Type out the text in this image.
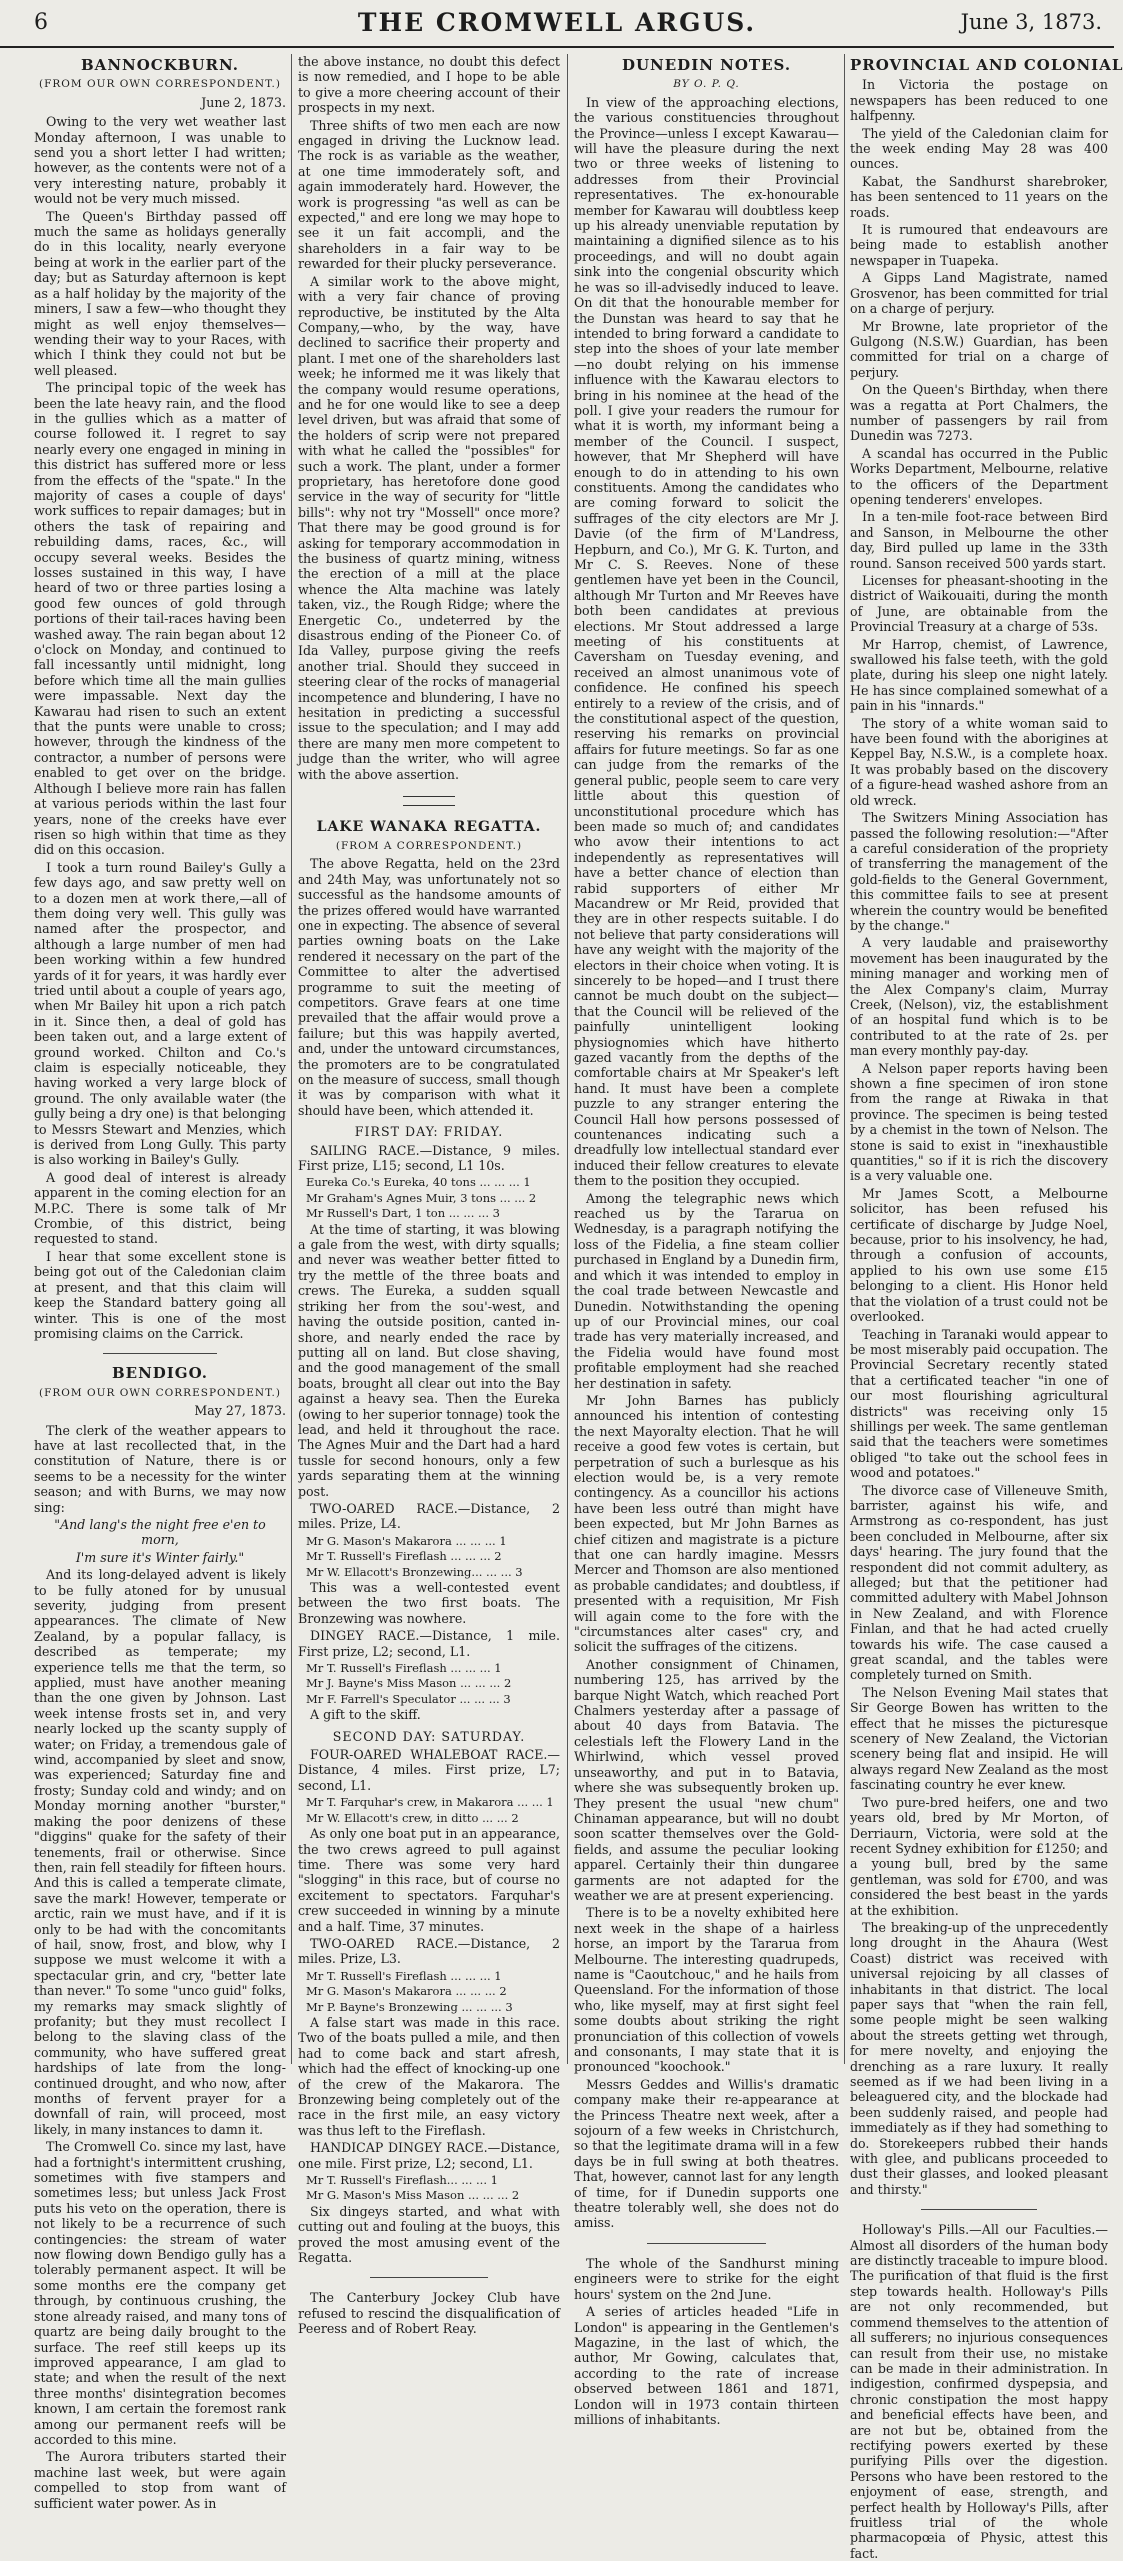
6	THE CROMWELL ARGUS.	June 3, 1873.
BANNOCKBURN.
(FROM OUR OWN CORRESPONDENT.)
June 2, 1873.

Owing to the very wet weather last Monday afternoon, I was unable to send you a short letter I had written; however, as the contents were not of a very interesting nature, probably it would not be very much missed.

The Queen's Birthday passed off much the same as holidays generally do in this locality, nearly everyone being at work in the earlier part of the day; but as Saturday afternoon is kept as a half holiday by the majority of the miners, I saw a few—who thought they might as well enjoy themselves—wending their way to your Races, with which I think they could not but be well pleased.

The principal topic of the week has been the late heavy rain, and the flood in the gullies which as a matter of course followed it. I regret to say nearly every one engaged in mining in this district has suffered more or less from the effects of the "spate." In the majority of cases a couple of days' work suffices to repair damages; but in others the task of repairing and rebuilding dams, races, &c., will occupy several weeks. Besides the losses sustained in this way, I have heard of two or three parties losing a good few ounces of gold through portions of their tail-races having been washed away. The rain began about 12 o'clock on Monday, and continued to fall incessantly until midnight, long before which time all the main gullies were impassable. Next day the Kawarau had risen to such an extent that the punts were unable to cross; however, through the kindness of the contractor, a number of persons were enabled to get over on the bridge. Although I believe more rain has fallen at various periods within the last four years, none of the creeks have ever risen so high within that time as they did on this occasion.

I took a turn round Bailey's Gully a few days ago, and saw pretty well on to a dozen men at work there,—all of them doing very well. This gully was named after the prospector, and although a large number of men had been working within a few hundred yards of it for years, it was hardly ever tried until about a couple of years ago, when Mr Bailey hit upon a rich patch in it. Since then, a deal of gold has been taken out, and a large extent of ground worked. Chilton and Co.'s claim is especially noticeable, they having worked a very large block of ground. The only available water (the gully being a dry one) is that belonging to Messrs Stewart and Menzies, which is derived from Long Gully. This party is also working in Bailey's Gully.

A good deal of interest is already apparent in the coming election for an M.P.C. There is some talk of Mr Crombie, of this district, being requested to stand.

I hear that some excellent stone is being got out of the Caledonian claim at present, and that this claim will keep the Standard battery going all winter. This is one of the most promising claims on the Carrick.

BENDIGO.
(FROM OUR OWN CORRESPONDENT.)
May 27, 1873.

The clerk of the weather appears to have at last recollected that, in the constitution of Nature, there is or seems to be a necessity for the winter season; and with Burns, we may now sing:

"And lang's the night free e'en to morn,

I'm sure it's Winter fairly."

And its long-delayed advent is likely to be fully atoned for by unusual severity, judging from present appearances. The climate of New Zealand, by a popular fallacy, is described as temperate; my experience tells me that the term, so applied, must have another meaning than the one given by Johnson. Last week intense frosts set in, and very nearly locked up the scanty supply of water; on Friday, a tremendous gale of wind, accompanied by sleet and snow, was experienced; Saturday fine and frosty; Sunday cold and windy; and on Monday morning another "burster," making the poor denizens of these "diggins" quake for the safety of their tenements, frail or otherwise. Since then, rain fell steadily for fifteen hours. And this is called a temperate climate, save the mark! However, temperate or arctic, rain we must have, and if it is only to be had with the concomitants of hail, snow, frost, and blow, why I suppose we must welcome it with a spectacular grin, and cry, "better late than never." To some "unco guid" folks, my remarks may smack slightly of profanity; but they must recollect I belong to the slaving class of the community, who have suffered great hardships of late from the long-continued drought, and who now, after months of fervent prayer for a downfall of rain, will proceed, most likely, in many instances to damn it.

The Cromwell Co. since my last, have had a fortnight's intermittent crushing, sometimes with five stampers and sometimes less; but unless Jack Frost puts his veto on the operation, there is not likely to be a recurrence of such contingencies: the stream of water now flowing down Bendigo gully has a tolerably permanent aspect. It will be some months ere the company get through, by continuous crushing, the stone already raised, and many tons of quartz are being daily brought to the surface. The reef still keeps up its improved appearance, I am glad to state; and when the result of the next three months' disintegration becomes known, I am certain the foremost rank among our permanent reefs will be accorded to this mine.

The Aurora tributers started their machine last week, but were again compelled to stop from want of sufficient water power. As in

the above instance, no doubt this defect is now remedied, and I hope to be able to give a more cheering account of their prospects in my next.

Three shifts of two men each are now engaged in driving the Lucknow lead. The rock is as variable as the weather, at one time immoderately soft, and again immoderately hard. However, the work is progressing "as well as can be expected," and ere long we may hope to see it un fait accompli, and the shareholders in a fair way to be rewarded for their plucky perseverance.

A similar work to the above might, with a very fair chance of proving reproductive, be instituted by the Alta Company,—who, by the way, have declined to sacrifice their property and plant. I met one of the shareholders last week; he informed me it was likely that the company would resume operations, and he for one would like to see a deep level driven, but was afraid that some of the holders of scrip were not prepared with what he called the "possibles" for such a work. The plant, under a former proprietary, has heretofore done good service in the way of security for "little bills": why not try "Mossell" once more? That there may be good ground is for asking for temporary accommodation in the business of quartz mining, witness the erection of a mill at the place whence the Alta machine was lately taken, viz., the Rough Ridge; where the Energetic Co., undeterred by the disastrous ending of the Pioneer Co. of Ida Valley, purpose giving the reefs another trial. Should they succeed in steering clear of the rocks of managerial incompetence and blundering, I have no hesitation in predicting a successful issue to the speculation; and I may add there are many men more competent to judge than the writer, who will agree with the above assertion.

LAKE WANAKA REGATTA.
(FROM A CORRESPONDENT.)

The above Regatta, held on the 23rd and 24th May, was unfortunately not so successful as the handsome amounts of the prizes offered would have warranted one in expecting. The absence of several parties owning boats on the Lake rendered it necessary on the part of the Committee to alter the advertised programme to suit the meeting of competitors. Grave fears at one time prevailed that the affair would prove a failure; but this was happily averted, and, under the untoward circumstances, the promoters are to be congratulated on the measure of success, small though it was by comparison with what it should have been, which attended it.

FIRST DAY: FRIDAY.

SAILING RACE.—Distance, 9 miles. First prize, L15; second, L1 10s.

Eureka Co.'s Eureka, 40 tons ... ... ... 1

Mr Graham's Agnes Muir, 3 tons ... ... 2

Mr Russell's Dart, 1 ton ... ... ... 3

At the time of starting, it was blowing a gale from the west, with dirty squalls; and never was weather better fitted to try the mettle of the three boats and crews. The Eureka, a sudden squall striking her from the sou'-west, and having the outside position, canted in-shore, and nearly ended the race by putting all on land. But close shaving, and the good management of the small boats, brought all clear out into the Bay against a heavy sea. Then the Eureka (owing to her superior tonnage) took the lead, and held it throughout the race. The Agnes Muir and the Dart had a hard tussle for second honours, only a few yards separating them at the winning post.

TWO-OARED RACE.—Distance, 2 miles. Prize, L4.

Mr G. Mason's Makarora ... ... ... 1

Mr T. Russell's Fireflash ... ... ... 2

Mr W. Ellacott's Bronzewing... ... ... 3

This was a well-contested event between the two first boats. The Bronzewing was nowhere.

DINGEY RACE.—Distance, 1 mile. First prize, L2; second, L1.

Mr T. Russell's Fireflash ... ... ... 1

Mr J. Bayne's Miss Mason ... ... ... 2

Mr F. Farrell's Speculator ... ... ... 3

A gift to the skiff.

SECOND DAY: SATURDAY.

FOUR-OARED WHALEBOAT RACE.—Distance, 4 miles. First prize, L7; second, L1.

Mr T. Farquhar's crew, in Makarora ... ... 1

Mr W. Ellacott's crew, in ditto ... ... 2

As only one boat put in an appearance, the two crews agreed to pull against time. There was some very hard "slogging" in this race, but of course no excitement to spectators. Farquhar's crew succeeded in winning by a minute and a half. Time, 37 minutes.

TWO-OARED RACE.—Distance, 2 miles. Prize, L3.

Mr T. Russell's Fireflash ... ... ... 1

Mr G. Mason's Makarora ... ... ... 2

Mr P. Bayne's Bronzewing ... ... ... 3

A false start was made in this race. Two of the boats pulled a mile, and then had to come back and start afresh, which had the effect of knocking-up one of the crew of the Makarora. The Bronzewing being completely out of the race in the first mile, an easy victory was thus left to the Fireflash.

HANDICAP DINGEY RACE.—Distance, one mile. First prize, L2; second, L1.

Mr T. Russell's Fireflash... ... ... 1

Mr G. Mason's Miss Mason ... ... ... 2

Six dingeys started, and what with cutting out and fouling at the buoys, this proved the most amusing event of the Regatta.

The Canterbury Jockey Club have refused to rescind the disqualification of Peeress and of Robert Reay.

DUNEDIN NOTES.
BY O. P. Q.

In view of the approaching elections, the various constituencies throughout the Province—unless I except Kawarau—will have the pleasure during the next two or three weeks of listening to addresses from their Provincial representatives. The ex-honourable member for Kawarau will doubtless keep up his already unenviable reputation by maintaining a dignified silence as to his proceedings, and will no doubt again sink into the congenial obscurity which he was so ill-advisedly induced to leave. On dit that the honourable member for the Dunstan was heard to say that he intended to bring forward a candidate to step into the shoes of your late member—no doubt relying on his immense influence with the Kawarau electors to bring in his nominee at the head of the poll. I give your readers the rumour for what it is worth, my informant being a member of the Council. I suspect, however, that Mr Shepherd will have enough to do in attending to his own constituents. Among the candidates who are coming forward to solicit the suffrages of the city electors are Mr J. Davie (of the firm of M'Landress, Hepburn, and Co.), Mr G. K. Turton, and Mr C. S. Reeves. None of these gentlemen have yet been in the Council, although Mr Turton and Mr Reeves have both been candidates at previous elections. Mr Stout addressed a large meeting of his constituents at Caversham on Tuesday evening, and received an almost unanimous vote of confidence. He confined his speech entirely to a review of the crisis, and of the constitutional aspect of the question, reserving his remarks on provincial affairs for future meetings. So far as one can judge from the remarks of the general public, people seem to care very little about this question of unconstitutional procedure which has been made so much of; and candidates who avow their intentions to act independently as representatives will have a better chance of election than rabid supporters of either Mr Macandrew or Mr Reid, provided that they are in other respects suitable. I do not believe that party considerations will have any weight with the majority of the electors in their choice when voting. It is sincerely to be hoped—and I trust there cannot be much doubt on the subject—that the Council will be relieved of the painfully unintelligent looking physiognomies which have hitherto gazed vacantly from the depths of the comfortable chairs at Mr Speaker's left hand. It must have been a complete puzzle to any stranger entering the Council Hall how persons possessed of countenances indicating such a dreadfully low intellectual standard ever induced their fellow creatures to elevate them to the position they occupied.

Among the telegraphic news which reached us by the Tararua on Wednesday, is a paragraph notifying the loss of the Fidelia, a fine steam collier purchased in England by a Dunedin firm, and which it was intended to employ in the coal trade between Newcastle and Dunedin. Notwithstanding the opening up of our Provincial mines, our coal trade has very materially increased, and the Fidelia would have found most profitable employment had she reached her destination in safety.

Mr John Barnes has publicly announced his intention of contesting the next Mayoralty election. That he will receive a good few votes is certain, but perpetration of such a burlesque as his election would be, is a very remote contingency. As a councillor his actions have been less outré than might have been expected, but Mr John Barnes as chief citizen and magistrate is a picture that one can hardly imagine. Messrs Mercer and Thomson are also mentioned as probable candidates; and doubtless, if presented with a requisition, Mr Fish will again come to the fore with the "circumstances alter cases" cry, and solicit the suffrages of the citizens.

Another consignment of Chinamen, numbering 125, has arrived by the barque Night Watch, which reached Port Chalmers yesterday after a passage of about 40 days from Batavia. The celestials left the Flowery Land in the Whirlwind, which vessel proved unseaworthy, and put in to Batavia, where she was subsequently broken up. They present the usual "new chum" Chinaman appearance, but will no doubt soon scatter themselves over the Gold-fields, and assume the peculiar looking apparel. Certainly their thin dungaree garments are not adapted for the weather we are at present experiencing.

There is to be a novelty exhibited here next week in the shape of a hairless horse, an import by the Tararua from Melbourne. The interesting quadrupeds, name is "Caoutchouc," and he hails from Queensland. For the information of those who, like myself, may at first sight feel some doubts about striking the right pronunciation of this collection of vowels and consonants, I may state that it is pronounced "koochook."

Messrs Geddes and Willis's dramatic company make their re-appearance at the Princess Theatre next week, after a sojourn of a few weeks in Christchurch, so that the legitimate drama will in a few days be in full swing at both theatres. That, however, cannot last for any length of time, for if Dunedin supports one theatre tolerably well, she does not do amiss.

The whole of the Sandhurst mining engineers were to strike for the eight hours' system on the 2nd June.

A series of articles headed "Life in London" is appearing in the Gentlemen's Magazine, in the last of which, the author, Mr Gowing, calculates that, according to the rate of increase observed between 1861 and 1871, London will in 1973 contain thirteen millions of inhabitants.

PROVINCIAL AND COLONIAL

In Victoria the postage on newspapers has been reduced to one halfpenny.

The yield of the Caledonian claim for the week ending May 28 was 400 ounces.

Kabat, the Sandhurst sharebroker, has been sentenced to 11 years on the roads.

It is rumoured that endeavours are being made to establish another newspaper in Tuapeka.

A Gipps Land Magistrate, named Grosvenor, has been committed for trial on a charge of perjury.

Mr Browne, late proprietor of the Gulgong (N.S.W.) Guardian, has been committed for trial on a charge of perjury.

On the Queen's Birthday, when there was a regatta at Port Chalmers, the number of passengers by rail from Dunedin was 7273.

A scandal has occurred in the Public Works Department, Melbourne, relative to the officers of the Department opening tenderers' envelopes.

In a ten-mile foot-race between Bird and Sanson, in Melbourne the other day, Bird pulled up lame in the 33th round. Sanson received 500 yards start.

Licenses for pheasant-shooting in the district of Waikouaiti, during the month of June, are obtainable from the Provincial Treasury at a charge of 53s.

Mr Harrop, chemist, of Lawrence, swallowed his false teeth, with the gold plate, during his sleep one night lately. He has since complained somewhat of a pain in his "innards."

The story of a white woman said to have been found with the aborigines at Keppel Bay, N.S.W., is a complete hoax. It was probably based on the discovery of a figure-head washed ashore from an old wreck.

The Switzers Mining Association has passed the following resolution:—"After a careful consideration of the propriety of transferring the management of the gold-fields to the General Government, this committee fails to see at present wherein the country would be benefited by the change."

A very laudable and praiseworthy movement has been inaugurated by the mining manager and working men of the Alex Company's claim, Murray Creek, (Nelson), viz, the establishment of an hospital fund which is to be contributed to at the rate of 2s. per man every monthly pay-day.

A Nelson paper reports having been shown a fine specimen of iron stone from the range at Riwaka in that province. The specimen is being tested by a chemist in the town of Nelson. The stone is said to exist in "inexhaustible quantities," so if it is rich the discovery is a very valuable one.

Mr James Scott, a Melbourne solicitor, has been refused his certificate of discharge by Judge Noel, because, prior to his insolvency, he had, through a confusion of accounts, applied to his own use some £15 belonging to a client. His Honor held that the violation of a trust could not be overlooked.

Teaching in Taranaki would appear to be most miserably paid occupation. The Provincial Secretary recently stated that a certificated teacher "in one of our most flourishing agricultural districts" was receiving only 15 shillings per week. The same gentleman said that the teachers were sometimes obliged "to take out the school fees in wood and potatoes."

The divorce case of Villeneuve Smith, barrister, against his wife, and Armstrong as co-respondent, has just been concluded in Melbourne, after six days' hearing. The jury found that the respondent did not commit adultery, as alleged; but that the petitioner had committed adultery with Mabel Johnson in New Zealand, and with Florence Finlan, and that he had acted cruelly towards his wife. The case caused a great scandal, and the tables were completely turned on Smith.

The Nelson Evening Mail states that Sir George Bowen has written to the effect that he misses the picturesque scenery of New Zealand, the Victorian scenery being flat and insipid. He will always regard New Zealand as the most fascinating country he ever knew.

Two pure-bred heifers, one and two years old, bred by Mr Morton, of Derriaurn, Victoria, were sold at the recent Sydney exhibition for £1250; and a young bull, bred by the same gentleman, was sold for £700, and was considered the best beast in the yards at the exhibition.

The breaking-up of the unprecedently long drought in the Ahaura (West Coast) district was received with universal rejoicing by all classes of inhabitants in that district. The local paper says that "when the rain fell, some people might be seen walking about the streets getting wet through, for mere novelty, and enjoying the drenching as a rare luxury. It really seemed as if we had been living in a beleaguered city, and the blockade had been suddenly raised, and people had immediately as if they had something to do. Storekeepers rubbed their hands with glee, and publicans proceeded to dust their glasses, and looked pleasant and thirsty."

Holloway's Pills.—All our Faculties.—Almost all disorders of the human body are distinctly traceable to impure blood. The purification of that fluid is the first step towards health. Holloway's Pills are not only recommended, but commend themselves to the attention of all sufferers; no injurious consequences can result from their use, no mistake can be made in their administration. In indigestion, confirmed dyspepsia, and chronic constipation the most happy and beneficial effects have been, and are not but be, obtained from the rectifying powers exerted by these purifying Pills over the digestion. Persons who have been restored to the enjoyment of ease, strength, and perfect health by Holloway's Pills, after fruitless trial of the whole pharmacopœia of Physic, attest this fact.
